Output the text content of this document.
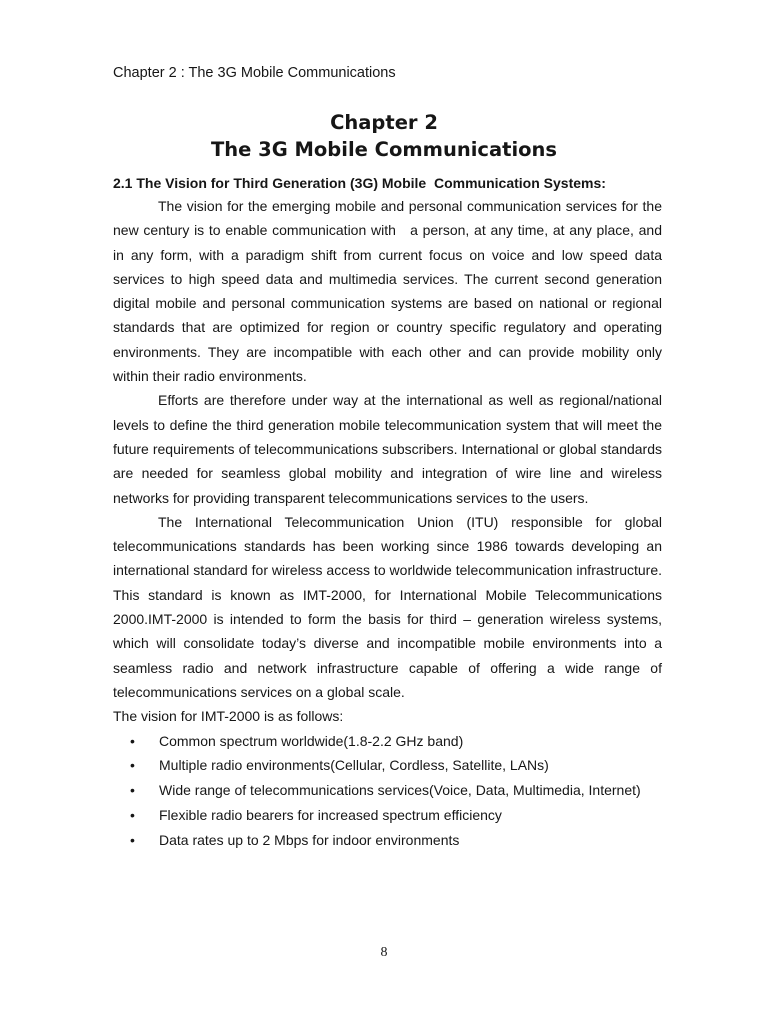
Chapter 2 : The 3G Mobile Communications
Chapter 2
The 3G Mobile Communications
2.1 The Vision for Third Generation (3G) Mobile  Communication Systems:

The vision for the emerging mobile and personal communication services for the new century is to enable communication with   a person, at any time, at any place, and in any form, with a paradigm shift from current focus on voice and low speed data services to high speed data and multimedia services. The current second generation   digital mobile and personal communication systems are based on national or regional standards that are optimized for region or country specific regulatory and operating environments. They are incompatible with each other and can provide mobility only within their radio environments.

Efforts are therefore under way at the international as well as regional/national levels to define the third generation mobile telecommunication system that will meet the future requirements of telecommunications subscribers. International or global standards are needed for seamless global mobility and integration of wire line and wireless networks for providing transparent telecommunications services to the users.

The International Telecommunication Union (ITU) responsible for global telecommunications standards has been working since 1986 towards developing an international standard for wireless access to worldwide telecommunication infrastructure. This standard is known as IMT-2000, for International Mobile Telecommunications 2000.IMT-2000 is intended to form the basis for third – generation wireless systems, which will consolidate today’s diverse and incompatible mobile environments into a seamless radio and network infrastructure capable of offering a wide range of telecommunications services on a global scale.

The vision for IMT-2000 is as follows:

• Common spectrum worldwide(1.8-2.2 GHz band)
• Multiple radio environments(Cellular, Cordless, Satellite, LANs)
• Wide range of telecommunications services(Voice, Data, Multimedia, Internet)
• Flexible radio bearers for increased spectrum efficiency
• Data rates up to 2 Mbps for indoor environments
8
